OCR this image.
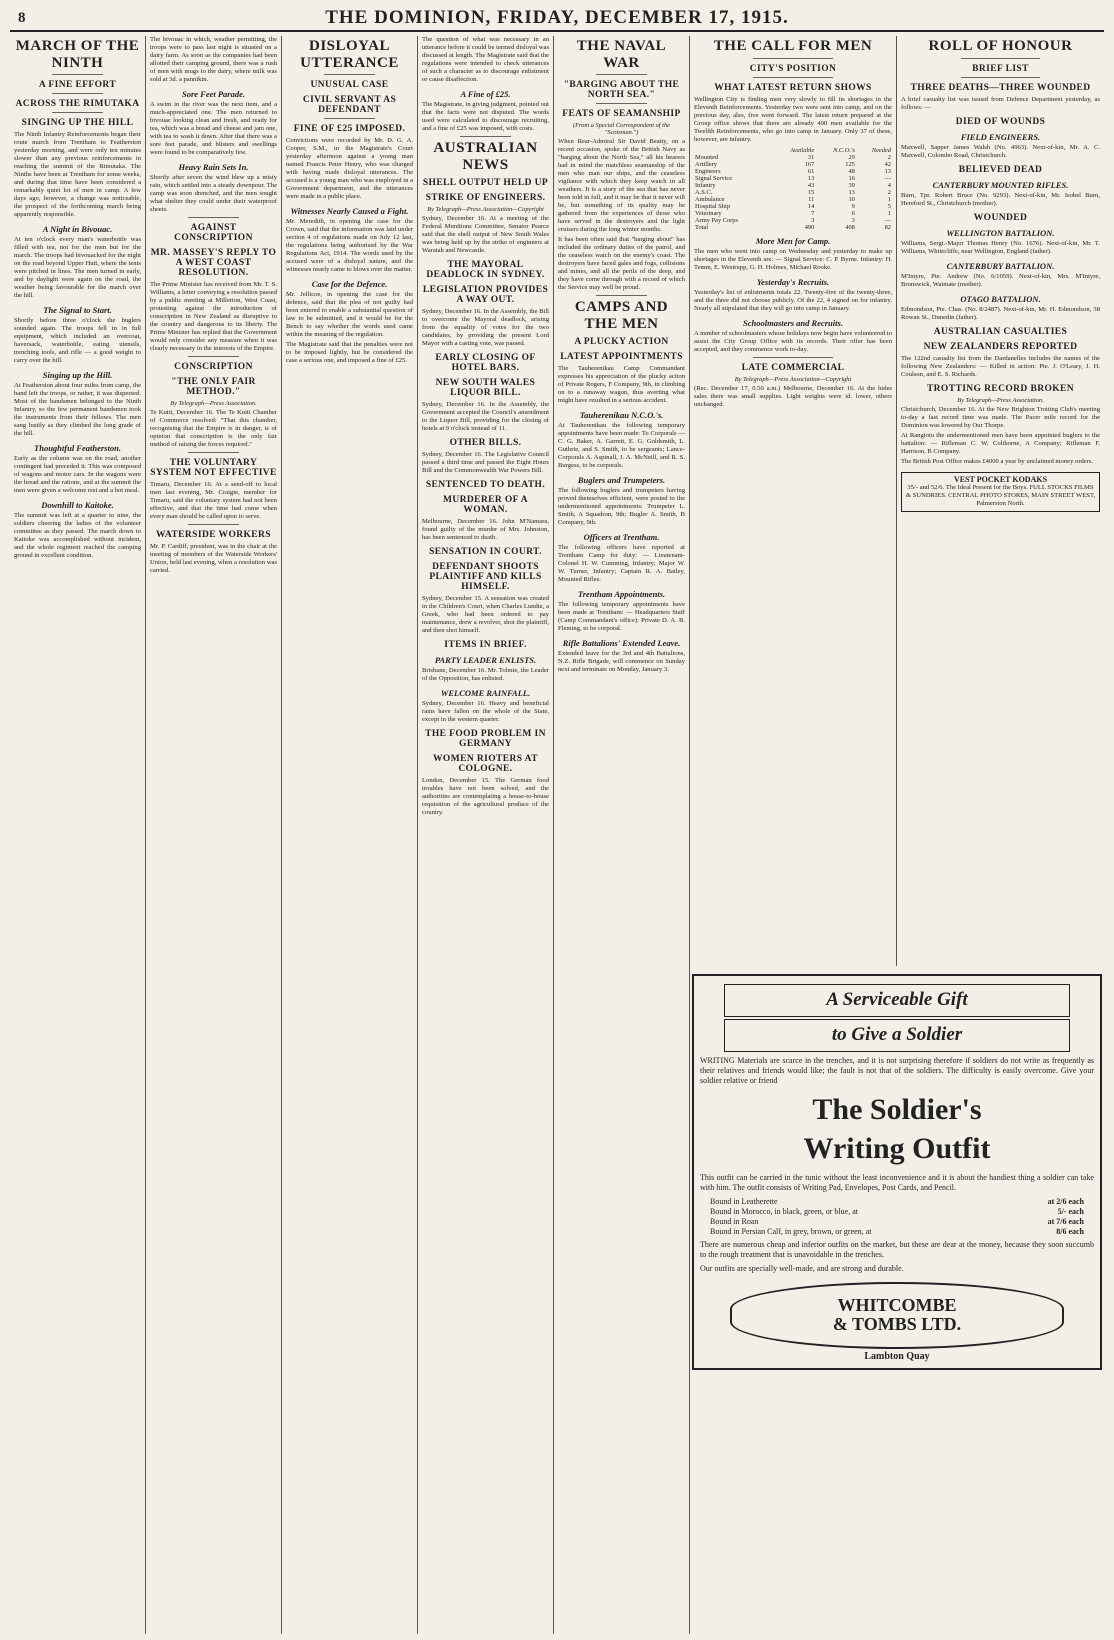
8	THE DOMINION, FRIDAY, DECEMBER 17, 1915.
MARCH OF THE NINTH
A FINE EFFORT
ACROSS THE RIMUTAKA
SINGING UP THE HILL

The Ninth Infantry Reinforcements began their route march from Trentham to Featherston yesterday morning, and were only ten minutes slower than any previous reinforcements in reaching the summit of the Rimutaka. The Ninths have been at Trentham for some weeks, and during that time have been considered a remarkably quiet lot of men in camp. A few days ago, however, a change was noticeable, the prospect of the forthcoming march being apparently responsible.

A Night in Bivouac.

At ten o'clock every man's waterbottle was filled with tea, not for the men but for the march. The troops had bivouacked for the night on the road beyond Upper Hutt, where the tents were pitched in lines. The men turned in early, and by daylight were again on the road, the weather being favourable for the march over the hill.

The Signal to Start.

Shortly before three o'clock the buglers sounded again. The troops fell in in full equipment, which included an overcoat, haversack, waterbottle, eating utensils, trenching tools, and rifle — a good weight to carry over the hill.

Singing up the Hill.

At Featherston about four miles from camp, the band left the troops, or rather, it was dispersed. Most of the bandsmen belonged to the Ninth Infantry, so the few permanent bandsmen took the instruments from their fellows. The men sang lustily as they climbed the long grade of the hill.

Thoughtful Featherston.

Early as the column was on the road, another contingent had preceded it. This was composed of wagons and motor cars. In the wagons were the bread and the rations, and at the summit the men were given a welcome rest and a hot meal.

Downhill to Kaitoke.

The summit was left at a quarter to nine, the soldiers cheering the ladies of the volunteer committee as they passed. The march down to Kaitoke was accomplished without incident, and the whole regiment reached the camping ground in excellent condition.

The bivouac in which, weather permitting, the troops were to pass last night is situated on a dairy farm. As soon as the companies had been allotted their camping ground, there was a rush of men with mugs to the dairy, where milk was sold at 3d. a pannikin.

Sore Feet Parade.

A swim in the river was the next item, and a much-appreciated one. The men returned to bivouac looking clean and fresh, and ready for tea, which was a bread and cheese and jam one, with tea to wash it down. After that there was a sore feet parade, and blisters and swellings were found to be comparatively few.

Heavy Rain Sets In.

Shortly after seven the wind blew up a misty rain, which settled into a steady downpour. The camp was soon drenched, and the men sought what shelter they could under their waterproof sheets.

AGAINST CONSCRIPTION
MR. MASSEY'S REPLY TO A WEST COAST RESOLUTION.

The Prime Minister has received from Mr. T. S. Williams, a letter conveying a resolution passed by a public meeting at Millerton, West Coast, protesting against the introduction of conscription in New Zealand as disruptive to the country and dangerous to its liberty. The Prime Minister has replied that the Government would only consider any measure when it was clearly necessary in the interests of the Empire.

CONSCRIPTION
"THE ONLY FAIR METHOD."

By Telegraph—Press Association.

Te Kuiti, December 16. The Te Kuiti Chamber of Commerce resolved: "That this chamber, recognising that the Empire is in danger, is of opinion that conscription is the only fair method of raising the forces required."

THE VOLUNTARY SYSTEM NOT EFFECTIVE

Timaru, December 16. At a send-off to local men last evening, Mr. Craigie, member for Timaru, said the voluntary system had not been effective, and that the time had come when every man should be called upon to serve.

WATERSIDE WORKERS

Mr. P. Cardiff, president, was in the chair at the meeting of members of the Waterside Workers' Union, held last evening, when a resolution was carried.

DISLOYAL UTTERANCE
UNUSUAL CASE
CIVIL SERVANT AS DEFENDANT
FINE OF £25 IMPOSED.

Convictions were recorded by Mr. D. G. A. Cooper, S.M., in the Magistrate's Court yesterday afternoon against a young man named Francis Peter Henry, who was charged with having made disloyal utterances. The accused is a young man who was employed in a Government department, and the utterances were made in a public place.

Witnesses Nearly Caused a Fight.

Mr. Meredith, in opening the case for the Crown, said that the information was laid under section 4 of regulations made on July 12 last, the regulations being authorised by the War Regulations Act, 1914. The words used by the accused were of a disloyal nature, and the witnesses nearly came to blows over the matter.

Case for the Defence.

Mr. Jellicoe, in opening the case for the defence, said that the plea of not guilty had been entered to enable a substantial question of law to be submitted, and it would be for the Bench to say whether the words used came within the meaning of the regulation.

The Magistrate said that the penalties were not to be imposed lightly, but he considered the case a serious one, and imposed a fine of £25.

The question of what was necessary in an utterance before it could be termed disloyal was discussed at length. The Magistrate said that the regulations were intended to check utterances of such a character as to discourage enlistment or cause disaffection.

A Fine of £25.

The Magistrate, in giving judgment, pointed out that the facts were not disputed. The words used were calculated to discourage recruiting, and a fine of £25 was imposed, with costs.

AUSTRALIAN NEWS
SHELL OUTPUT HELD UP
STRIKE OF ENGINEERS.

By Telegraph—Press Association—Copyright

Sydney, December 16. At a meeting of the Federal Munitions Committee, Senator Pearce said that the shell output of New South Wales was being held up by the strike of engineers at Waratah and Newcastle.

THE MAYORAL DEADLOCK IN SYDNEY.
LEGISLATION PROVIDES A WAY OUT.

Sydney, December 16. In the Assembly, the Bill to overcome the Mayoral deadlock, arising from the equality of votes for the two candidates, by providing the present Lord Mayor with a casting vote, was passed.

EARLY CLOSING OF HOTEL BARS.
NEW SOUTH WALES LIQUOR BILL.

Sydney, December 16. In the Assembly, the Government accepted the Council's amendment to the Liquor Bill, providing for the closing of hotels at 9 o'clock instead of 11.

OTHER BILLS.

Sydney, December 16. The Legislative Council passed a third time and passed the Eight Hours Bill and the Commonwealth War Powers Bill.

SENTENCED TO DEATH.
MURDERER OF A WOMAN.

Melbourne, December 16. John M'Namara, found guilty of the murder of Mrs. Johnston, has been sentenced to death.

SENSATION IN COURT.
DEFENDANT SHOOTS PLAINTIFF AND KILLS HIMSELF.

Sydney, December 15. A sensation was created in the Children's Court, when Charles Lundie, a Greek, who had been ordered to pay maintenance, drew a revolver, shot the plaintiff, and then shot himself.

ITEMS IN BRIEF.
PARTY LEADER ENLISTS.

Brisbane, December 16. Mr. Tolmie, the Leader of the Opposition, has enlisted.

WELCOME RAINFALL.

Sydney, December 16. Heavy and beneficial rains have fallen on the whole of the State, except in the western quarter.

THE FOOD PROBLEM IN GERMANY
WOMEN RIOTERS AT COLOGNE.

London, December 15. The German food troubles have not been solved, and the authorities are contemplating a house-to-house requisition of the agricultural produce of the country.

THE NAVAL WAR
"BARGING ABOUT THE NORTH SEA."
FEATS OF SEAMANSHIP

(From a Special Correspondent of the "Scotsman.")

When Rear-Admiral Sir David Beatty, on a recent occasion, spoke of the British Navy as "barging about the North Sea," all his hearers had in mind the matchless seamanship of the men who man our ships, and the ceaseless vigilance with which they keep watch in all weathers. It is a story of the sea that has never been told in full, and it may be that it never will be, but something of its quality may be gathered from the experiences of those who have served in the destroyers and the light cruisers during the long winter months.

It has been often said that "barging about" has included the ordinary duties of the patrol, and the ceaseless watch on the enemy's coast. The destroyers have faced gales and fogs, collisions and mines, and all the perils of the deep, and they have come through with a record of which the Service may well be proud.

CAMPS AND THE MEN
A PLUCKY ACTION
LATEST APPOINTMENTS

The Tauherenikau Camp Commandant expresses his appreciation of the plucky action of Private Rogers, F Company, 9th, in climbing on to a runaway wagon, thus averting what might have resulted in a serious accident.

Tauherenikau N.C.O.'s.

At Tauherenikau the following temporary appointments have been made: To Corporals — C. G. Baker, A. Garrett, E. G. Goldsmith, L. Guthrie, and S. Smith, to be sergeants; Lance-Corporals A. Aspinall, J. A. McNeill, and R. S. Burgess, to be corporals.

Buglers and Trumpeters.

The following buglers and trumpeters having proved themselves efficient, were posted to the undermentioned appointments: Trumpeter L. Smith, A Squadron, 9th; Bugler A. Smith, B Company, 9th.

Officers at Trentham.

The following officers have reported at Trentham Camp for duty: — Lieutenant-Colonel H. W. Cumming, Infantry; Major W. W. Turner, Infantry; Captain R. A. Bailey, Mounted Rifles.

Trentham Appointments.

The following temporary appointments have been made at Trentham: — Headquarters Staff (Camp Commandant's office): Private D. A. B. Fleming, to be corporal.

Rifle Battalions' Extended Leave.

Extended leave for the 3rd and 4th Battalions, N.Z. Rifle Brigade, will commence on Sunday next and terminate on Monday, January 3.

THE CALL FOR MEN
CITY'S POSITION
WHAT LATEST RETURN SHOWS

Wellington City is finding men very slowly to fill its shortages in the Eleventh Reinforcements. Yesterday two were sent into camp, and on the previous day, also, five went forward. The latest return prepared at the Group office shows that there are already 490 men available for the Twelfth Reinforcements, who go into camp in January. Only 37 of these, however, are infantry.

	Available	N.C.O.'s	Needed
Mounted	31	29	2
Artillery	167	125	42
Engineers	61	48	13
Signal Service	13	16	—
Infantry	43	39	4
A.S.C.	15	13	2
Ambulance	11	10	1
Hospital Ship	14	9	5
Veterinary	7	6	1
Army Pay Corps	3	3	—
Total	490	408	82
More Men for Camp.

The men who went into camp on Wednesday and yesterday to make up shortages in the Eleventh are: — Signal Service: C. P. Byrne. Infantry: H. Temm, E. Westrupp, G. H. Holmes, Michael Rooke.

Yesterday's Recruits.

Yesterday's list of enlistments totals 22. Twenty-five of the twenty-three, and the three did not choose publicly. Of the 22, 4 signed on for infantry. Nearly all stipulated that they will go into camp in January.

Schoolmasters and Recruits.

A number of schoolmasters whose holidays now begin have volunteered to assist the City Group Office with its records. Their offer has been accepted, and they commence work to-day.

LATE COMMERCIAL

By Telegraph—Press Association—Copyright

(Rec. December 17, 0.50 a.m.) Melbourne, December 16. At the hides sales there was small supplies. Light weights were id. lower, others unchanged.

ROLL OF HONOUR
BRIEF LIST
THREE DEATHS—THREE WOUNDED

A brief casualty list was issued from Defence Department yesterday, as follows: —

DIED OF WOUNDS
FIELD ENGINEERS.

Maxwell, Sapper James Walsh (No. 4963). Next-of-kin, Mr. A. C. Maxwell, Colombo Road, Christchurch.

BELIEVED DEAD
CANTERBURY MOUNTED RIFLES.

Burn, Tpr. Robert Bruce (No. 9293). Next-of-kin, Mr. Isobel Burn, Hereford St., Christchurch (mother).

WOUNDED
WELLINGTON BATTALION.

Williams, Sergt.-Major Thomas Henry (No. 1676). Next-of-kin, Mr. T. Williams, Whitecliffe, near Wellington, England (father).

CANTERBURY BATTALION.

M'Intyre, Pte. Andrew (No. 6/1059). Next-of-kin, Mrs. M'Intyre, Brunswick, Waimate (mother).

OTAGO BATTALION.

Edmondson, Pte. Chas. (No. 8/2487). Next-of-kin, Mr. H. Edmondson, 38 Rowan St., Dunedin (father).

AUSTRALIAN CASUALTIES
NEW ZEALANDERS REPORTED

The 122nd casualty list from the Dardanelles includes the names of the following New Zealanders: — Killed in action: Pte. J. O'Leary, J. H. Coulson, and E. S. Richards.

TROTTING RECORD BROKEN

By Telegraph—Press Association.

Christchurch, December 16. At the New Brighton Trotting Club's meeting to-day a fast record time was made. The Pacer mile record for the Dominion was lowered by Our Thorpe.

At Rangiotu the undermentioned men have been appointed buglers to the battalion: — Rifleman C. W. Colthorne, A Company; Rifleman F. Harrison, B Company.

The British Post Office makes £4000 a year by unclaimed money orders.

VEST POCKET KODAKS
35/- and 52/6. The Ideal Present for the Boys. FULL STOCKS FILMS & SUNDRIES. CENTRAL PHOTO STORES, MAIN STREET WEST, Palmerston North.
A Serviceable Gift
to Give a Soldier

WRITING Materials are scarce in the trenches, and it is not surprising therefore if soldiers do not write as frequently as their relatives and friends would like; the fault is not that of the soldiers. The difficulty is easily overcome. Give your soldier relative or friend

The Soldier's
Writing Outfit

This outfit can be carried in the tunic without the least inconvenience and it is about the handiest thing a soldier can take with him. The outfit consists of Writing Pad, Envelopes, Post Cards, and Pencil.

Bound in Leatherette	at 2/6 each
Bound in Morocco, in black, green, or blue, at	5/- each
Bound in Roan	at 7/6 each
Bound in Persian Calf, in grey, brown, or green, at	8/6 each

There are numerous cheap and inferior outfits on the market, but these are dear at the money, because they soon succumb to the rough treatment that is unavoidable in the trenches.

Our outfits are specially well-made, and are strong and durable.

WHITCOMBE
& TOMBS LTD.
Lambton Quay
